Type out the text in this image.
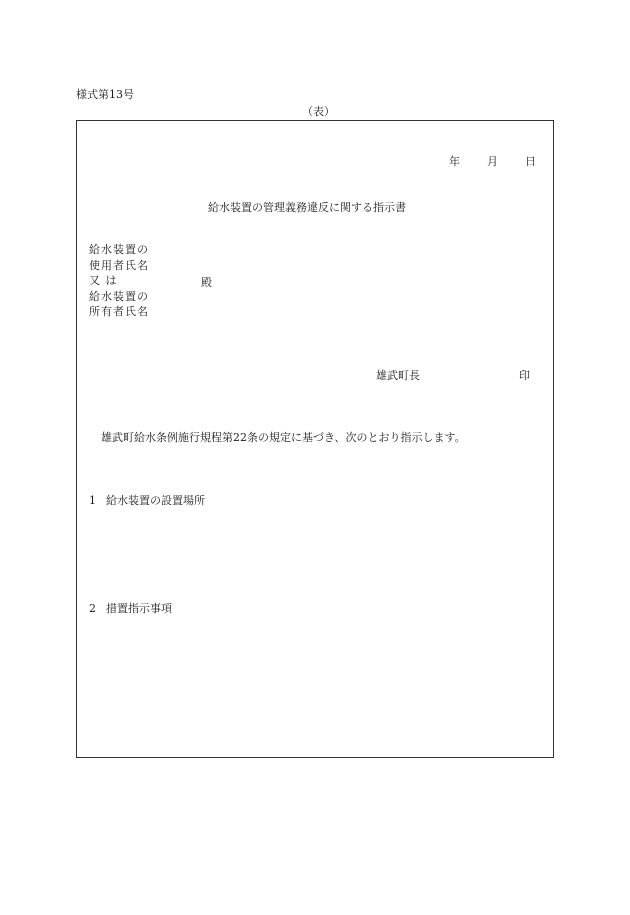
様式第13号
（表）
年 月 日
給水装置の管理義務違反に関する指示書
給水装置の
使用者氏名
又 は
給水装置の
所有者氏名
殿
雄武町長	印
雄武町給水条例施行規程第22条の規定に基づき、次のとおり指示します。
1 給水装置の設置場所
2 措置指示事項
